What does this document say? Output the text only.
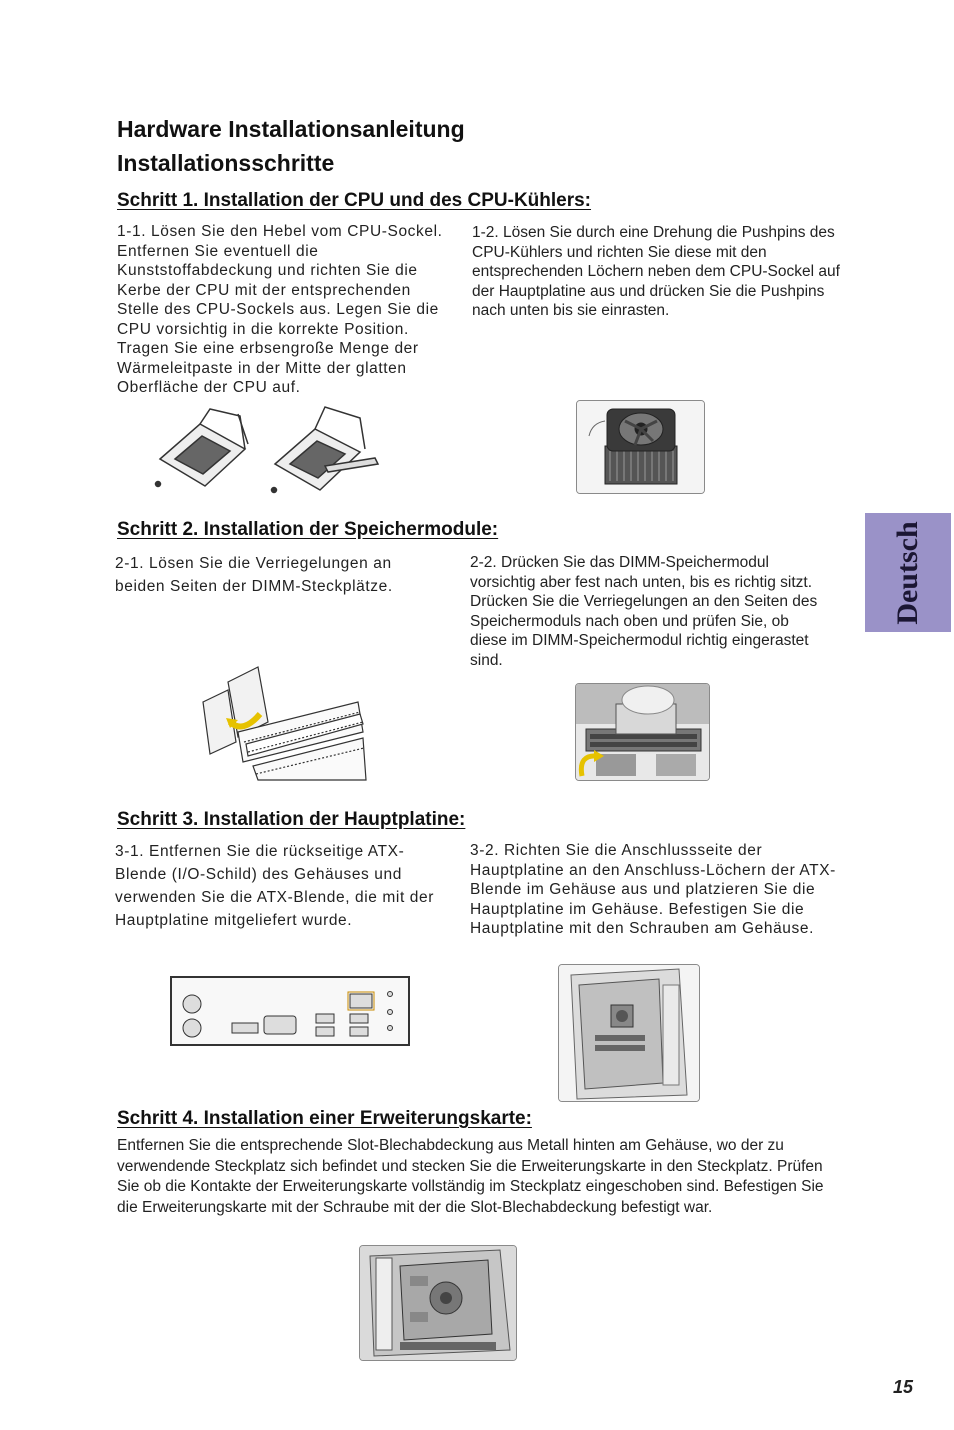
Hardware Installationsanleitung
Installationsschritte
Deutsch
Schritt 1. Installation der CPU und des CPU-Kühlers:
1-1. Lösen Sie den Hebel vom CPU-Sockel. Entfernen Sie eventuell die Kunststoffabdeckung und richten Sie die Kerbe der CPU mit der entsprechenden Stelle des CPU-Sockels aus. Legen Sie die CPU vorsichtig in die korrekte Position. Tragen Sie eine erbsengroße Menge der Wärmeleitpaste in der Mitte der glatten Oberfläche der CPU auf.
1-2. Lösen Sie durch eine Drehung die Pushpins des CPU-Kühlers und richten Sie diese mit den entsprechenden Löchern neben dem CPU-Sockel auf der Hauptplatine aus und drücken Sie die Pushpins nach unten bis sie einrasten.
Schritt 2. Installation der Speichermodule:
2-1. Lösen Sie die Verriegelungen an beiden Seiten der DIMM-Steckplätze.
2-2. Drücken Sie das DIMM-Speichermodul vorsichtig aber fest nach unten, bis es richtig sitzt. Drücken Sie die Verriegelungen an den Seiten des Speichermoduls nach oben und prüfen Sie, ob diese im DIMM-Speichermodul richtig eingerastet sind.
Schritt 3. Installation der Hauptplatine:
3-1. Entfernen Sie die rückseitige ATX-Blende (I/O-Schild) des Gehäuses und verwenden Sie die ATX-Blende, die mit der Hauptplatine mitgeliefert wurde.
3-2. Richten Sie die Anschlussseite der Hauptplatine an den Anschluss-Löchern der ATX-Blende im Gehäuse aus und platzieren Sie die Hauptplatine im Gehäuse. Befestigen Sie die Hauptplatine mit den Schrauben am Gehäuse.
Schritt 4. Installation einer Erweiterungskarte:
Entfernen Sie die entsprechende Slot-Blechabdeckung aus Metall hinten am Gehäuse, wo der zu verwendende Steckplatz sich befindet und stecken Sie die Erweiterungskarte in den Steckplatz. Prüfen Sie ob die Kontakte der Erweiterungskarte vollständig im Steckplatz eingeschoben sind. Befestigen Sie die Erweiterungskarte mit der Schraube mit der die Slot-Blechabdeckung befestigt war.
15
